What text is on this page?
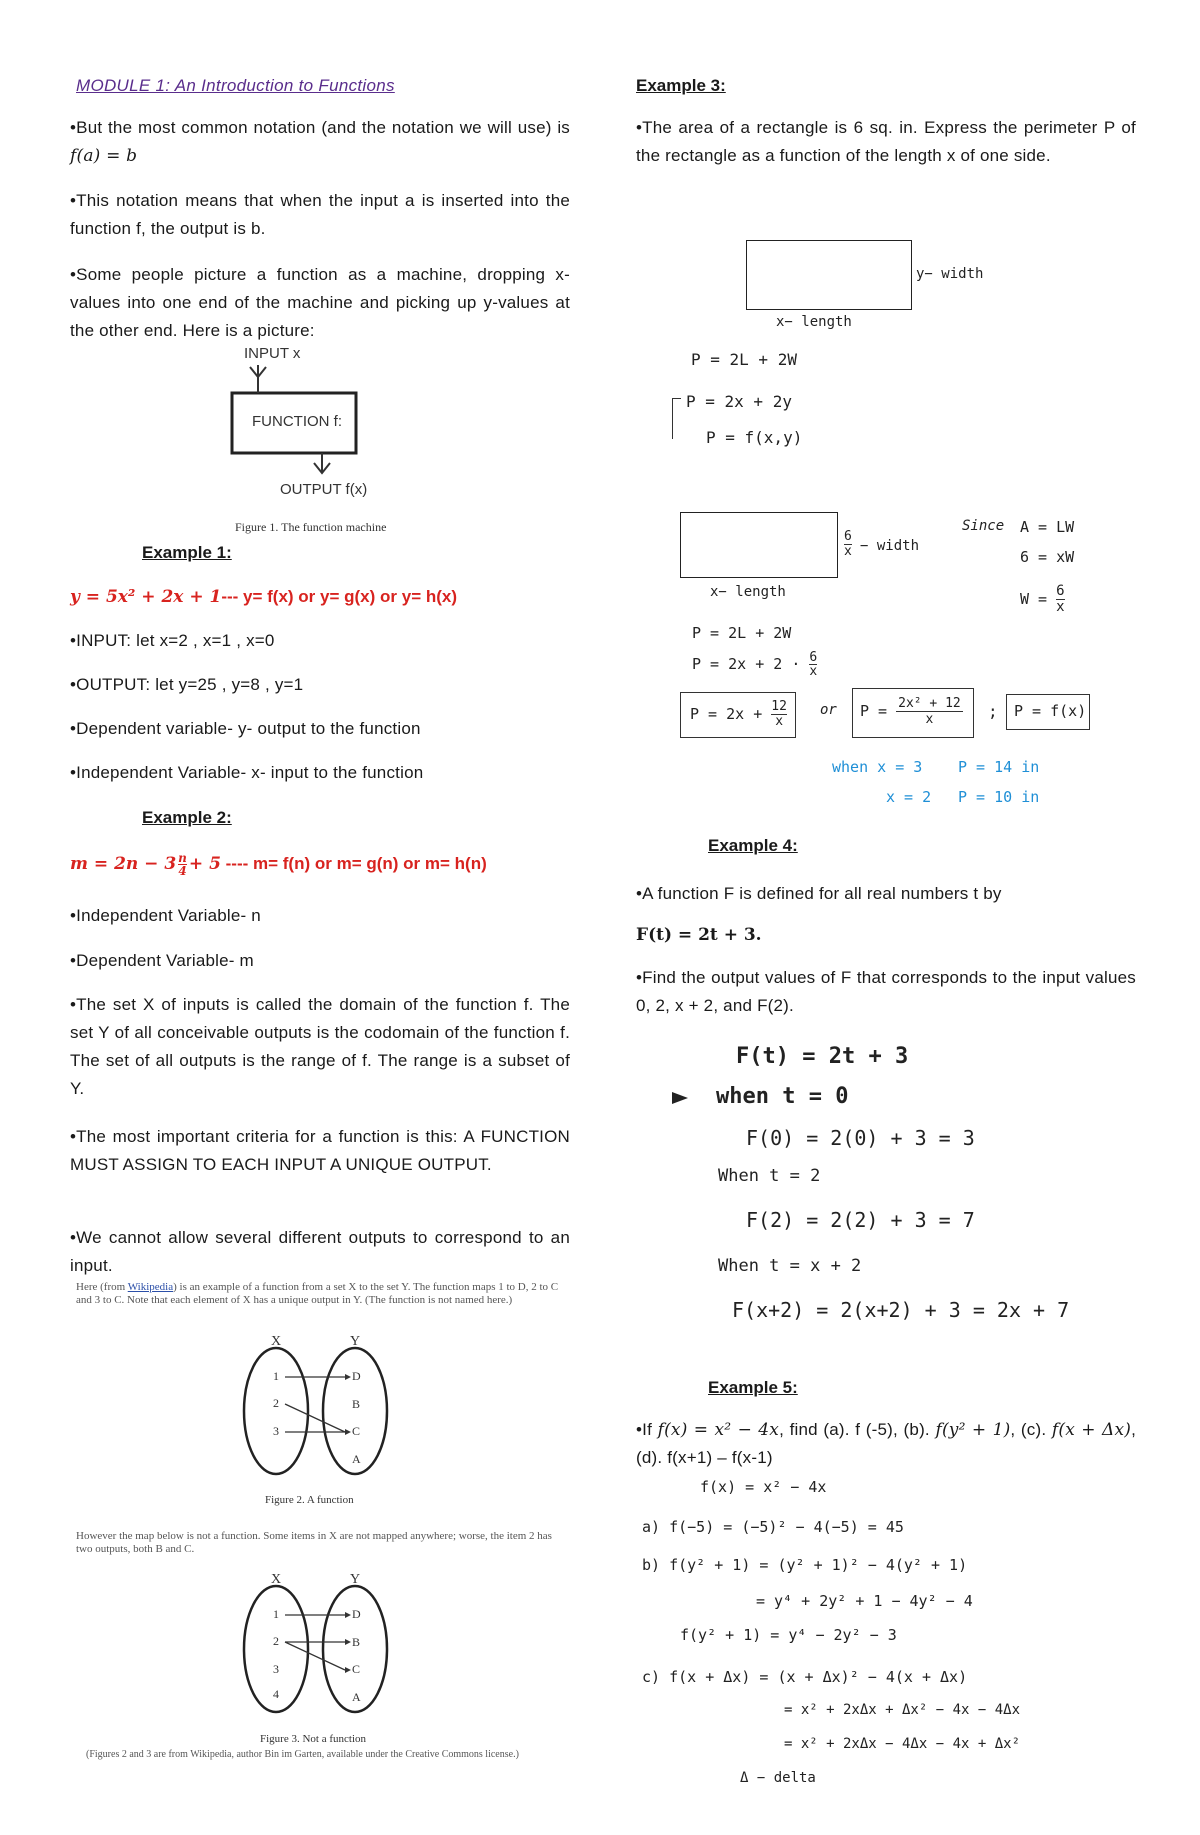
MODULE 1: An Introduction to Functions
•But the most common notation (and the notation we will use) is f(a) = b
•This notation means that when the input a is inserted into the function f, the output is b.
•Some people picture a function as a machine, dropping x-values into one end of the machine and picking up y-values at the other end. Here is a picture:
INPUT x
FUNCTION f:
OUTPUT f(x)
Figure 1. The function machine
Example 1:
y = 5x² + 2x + 1--- y= f(x) or y= g(x) or y= h(x)
•INPUT: let x=2 , x=1 , x=0
•OUTPUT: let y=25 , y=8 , y=1
•Dependent variable- y- output to the function
•Independent Variable- x- input to the function
Example 2:
$m = 2n - 3 \frac{n}{4} + 5$ ---- m= f(n) or m= g(n) or m= h(n)
•Independent Variable- n
•Dependent Variable- m
•The set X of inputs is called the domain of the function f. The set Y of all conceivable outputs is the codomain of the function f. The set of all outputs is the range of f. The range is a subset of Y.
•The most important criteria for a function is this: A FUNCTION MUST ASSIGN TO EACH INPUT A UNIQUE OUTPUT.
•We cannot allow several different outputs to correspond to an input.
Here (from Wikipedia) is an example of a function from a set X to the set Y. The function maps 1 to D, 2 to C and 3 to C. Note that each element of X has a unique output in Y. (The function is not named here.)
X	Y
1
2
3
D
B
C
A
Figure 2. A function
However the map below is not a function. Some items in X are not mapped anywhere; worse, the item 2 has two outputs, both B and C.
X	Y
1
2
3
4
D
B
C
A
Figure 3. Not a function
(Figures 2 and 3 are from Wikipedia, author Bin im Garten, available under the Creative Commons license.)
Example 3:
•The area of a rectangle is 6 sq. in. Express the perimeter P of the rectangle as a function of the length x of one side.
y− width
x− length
P = 2L + 2W
P = 2x + 2y
P = f(x,y)
$\frac{6}{x}$ − width
x− length
Since A = LW
6 = xW
$W = \frac{6}{x}$
P = 2L + 2W
$P = 2x + 2 \cdot \frac{6}{x}$
$P = 2x + \frac{12}{x}$ or $P = \frac{\text{2x² + 12}}{x}$ ; P = f(x)
when x = 3 P = 14 in
x = 2 P = 10 in
Example 4:
•A function F is defined for all real numbers t by
F(t) = 2t + 3.
•Find the output values of F that corresponds to the input values 0, 2, x + 2, and F(2).
F(t) = 2t + 3
when t = 0
F(0) = 2(0) + 3 = 3
When t = 2
F(2) = 2(2) + 3 = 7
When t = x + 2
F(x+2) = 2(x+2) + 3 = 2x + 7
Example 5:
•If f(x) = x² − 4x, find (a). f (-5), (b). f(y² + 1), (c). f(x + Δx), (d). f(x+1) – f(x-1)
f(x) = x² − 4x
a) f(−5) = (−5)² − 4(−5) = 45
b) f(y² + 1) = (y² + 1)² − 4(y² + 1)
= y⁴ + 2y² + 1 − 4y² − 4
f(y² + 1) = y⁴ − 2y² − 3
c) f(x + Δx) = (x + Δx)² − 4(x + Δx)
= x² + 2xΔx + Δx² − 4x − 4Δx
= x² + 2xΔx − 4Δx − 4x + Δx²
Δ − delta
